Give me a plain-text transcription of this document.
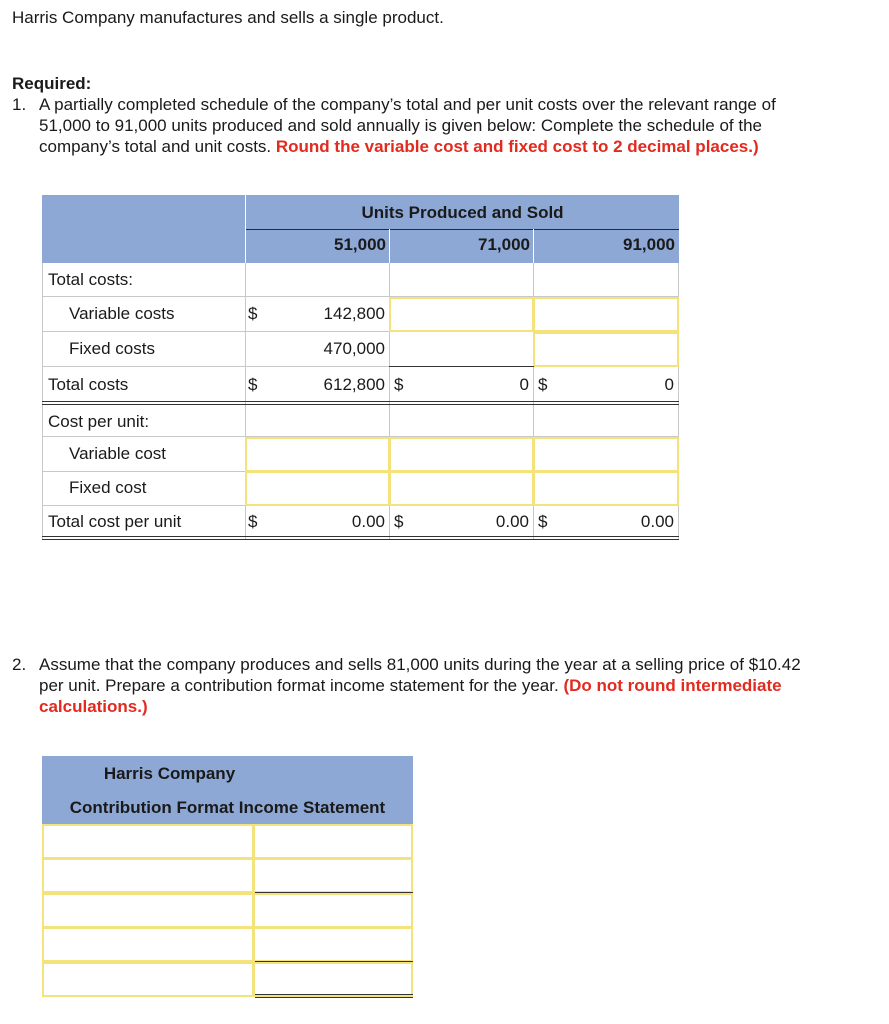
Harris Company manufactures and sells a single product.
Required:
1. A partially completed schedule of the company’s total and per unit costs over the relevant range of
51,000 to 91,000 units produced and sold annually is given below: Complete the schedule of the
company’s total and unit costs. Round the variable cost and fixed cost to 2 decimal places.)
Units Produced and Sold
51,000	71,000	91,000
Total costs:
Variable costs	$	142,800
Fixed costs	470,000
Total costs	$	612,800 $	0 $	0
Cost per unit:
Variable cost
Fixed cost
Total cost per unit	$	0.00 $	0.00 $	0.00
2. Assume that the company produces and sells 81,000 units during the year at a selling price of $10.42
per unit. Prepare a contribution format income statement for the year. (Do not round intermediate
calculations.)
Harris Company
Contribution Format Income Statement
